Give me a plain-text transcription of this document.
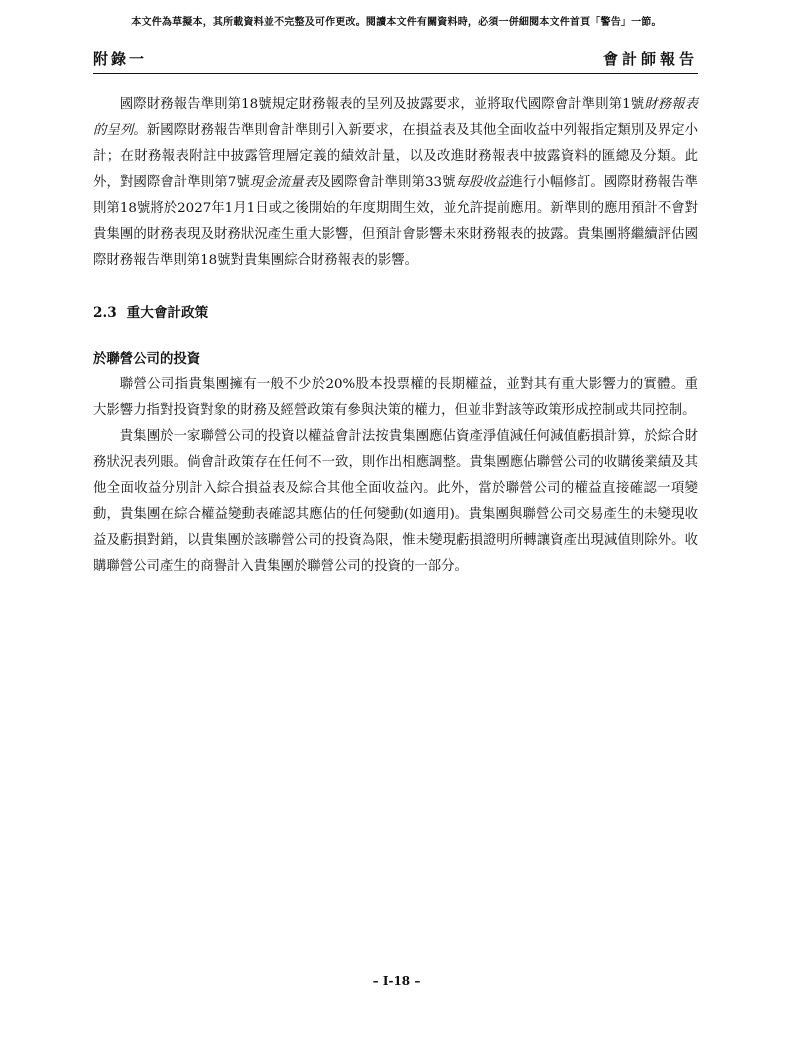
本文件為草擬本，其所載資料並不完整及可作更改。閱讀本文件有關資料時，必須一併細閱本文件首頁「警告」一節。
附錄一	會計師報告

國際財務報告準則第18號規定財務報表的呈列及披露要求，並將取代國際會計準則第1號財務報表的呈列。新國際財務報告準則會計準則引入新要求，在損益表及其他全面收益中列報指定類別及界定小計；在財務報表附註中披露管理層定義的績效計量，以及改進財務報表中披露資料的匯總及分類。此外，對國際會計準則第7號現金流量表及國際會計準則第33號每股收益進行小幅修訂。國際財務報告準則第18號將於2027年1月1日或之後開始的年度期間生效，並允許提前應用。新準則的應用預計不會對貴集團的財務表現及財務狀況產生重大影響，但預計會影響未來財務報表的披露。貴集團將繼續評估國際財務報告準則第18號對貴集團綜合財務報表的影響。

2.3 重大會計政策
於聯營公司的投資

聯營公司指貴集團擁有一般不少於20%股本投票權的長期權益，並對其有重大影響力的實體。重大影響力指對投資對象的財務及經營政策有參與決策的權力，但並非對該等政策形成控制或共同控制。

貴集團於一家聯營公司的投資以權益會計法按貴集團應佔資產淨值減任何減值虧損計算，於綜合財務狀況表列賬。倘會計政策存在任何不一致，則作出相應調整。貴集團應佔聯營公司的收購後業績及其他全面收益分別計入綜合損益表及綜合其他全面收益內。此外，當於聯營公司的權益直接確認一項變動，貴集團在綜合權益變動表確認其應佔的任何變動(如適用)。貴集團與聯營公司交易產生的未變現收益及虧損對銷，以貴集團於該聯營公司的投資為限，惟未變現虧損證明所轉讓資產出現減值則除外。收購聯營公司產生的商譽計入貴集團於聯營公司的投資的一部分。

– I-18 –
